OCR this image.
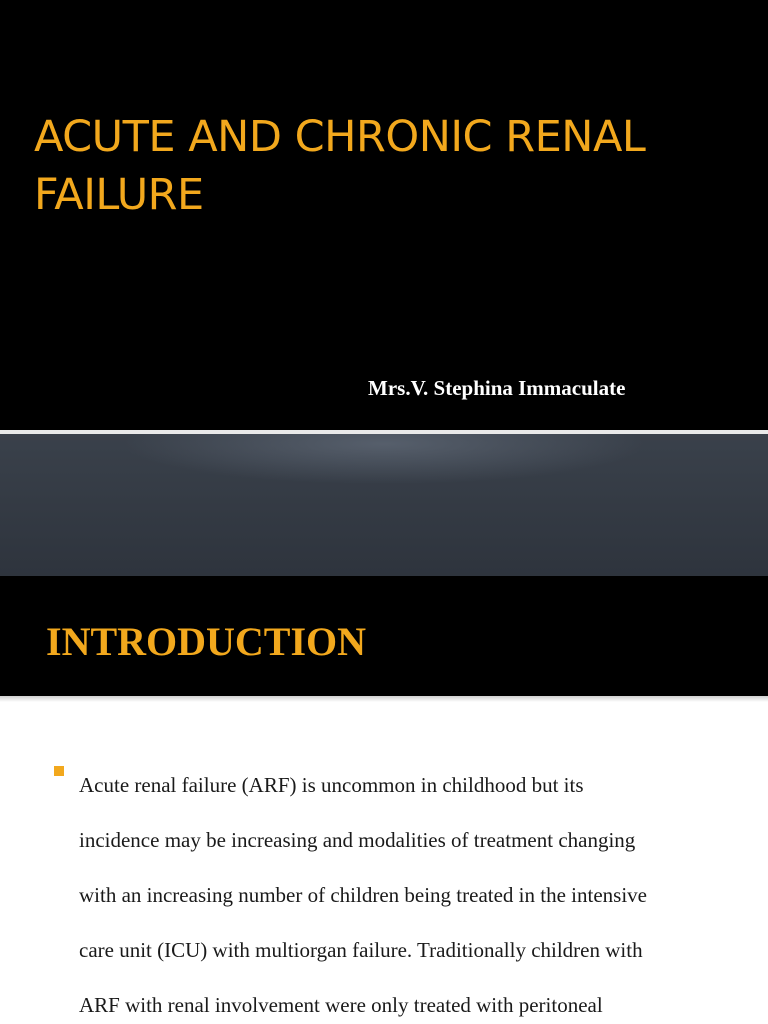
ACUTE AND CHRONIC RENAL
FAILURE

Mrs.V. Stephina Immaculate

INTRODUCTION

Acute renal failure (ARF) is uncommon in childhood but its
incidence may be increasing and modalities of treatment changing
with an increasing number of children being treated in the intensive
care unit (ICU) with multiorgan failure. Traditionally children with
ARF with renal involvement were only treated with peritoneal
